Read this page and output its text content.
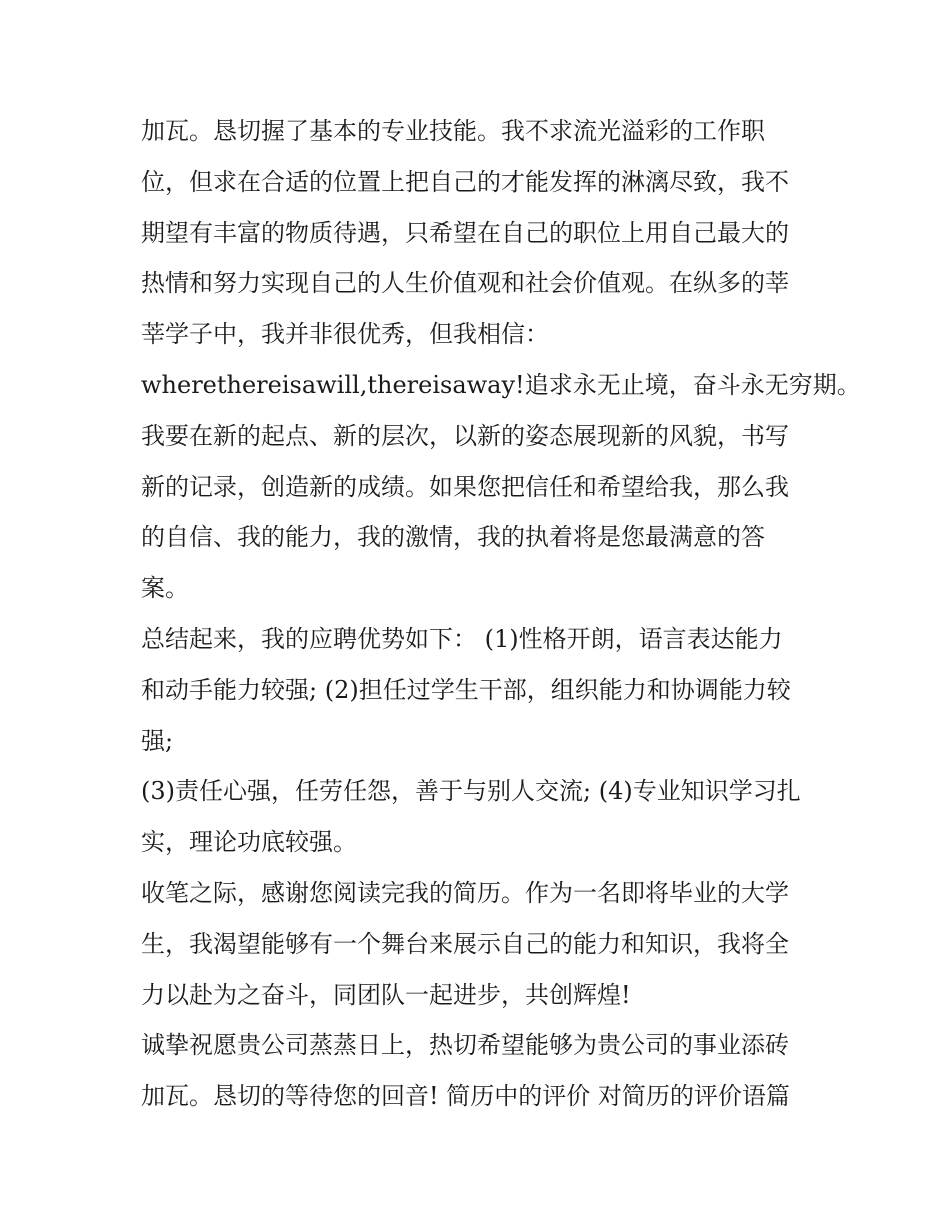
加瓦。恳切握了基本的专业技能。我不求流光溢彩的工作职
位，但求在合适的位置上把自己的才能发挥的淋漓尽致，我不
期望有丰富的物质待遇，只希望在自己的职位上用自己最大的
热情和努力实现自己的人生价值观和社会价值观。在纵多的莘
莘学子中，我并非很优秀，但我相信：
wherethereisawill,thereisaway!追求永无止境，奋斗永无穷期。
我要在新的起点、新的层次，以新的姿态展现新的风貌，书写
新的记录，创造新的成绩。如果您把信任和希望给我，那么我
的自信、我的能力，我的激情，我的执着将是您最满意的答
案。
总结起来，我的应聘优势如下： (1)性格开朗，语言表达能力
和动手能力较强; (2)担任过学生干部，组织能力和协调能力较
强;
(3)责任心强，任劳任怨，善于与别人交流; (4)专业知识学习扎
实，理论功底较强。
收笔之际，感谢您阅读完我的简历。作为一名即将毕业的大学
生，我渴望能够有一个舞台来展示自己的能力和知识，我将全
力以赴为之奋斗，同团队一起进步，共创辉煌!
诚挚祝愿贵公司蒸蒸日上，热切希望能够为贵公司的事业添砖
加瓦。恳切的等待您的回音! 简历中的评价 对简历的评价语篇
